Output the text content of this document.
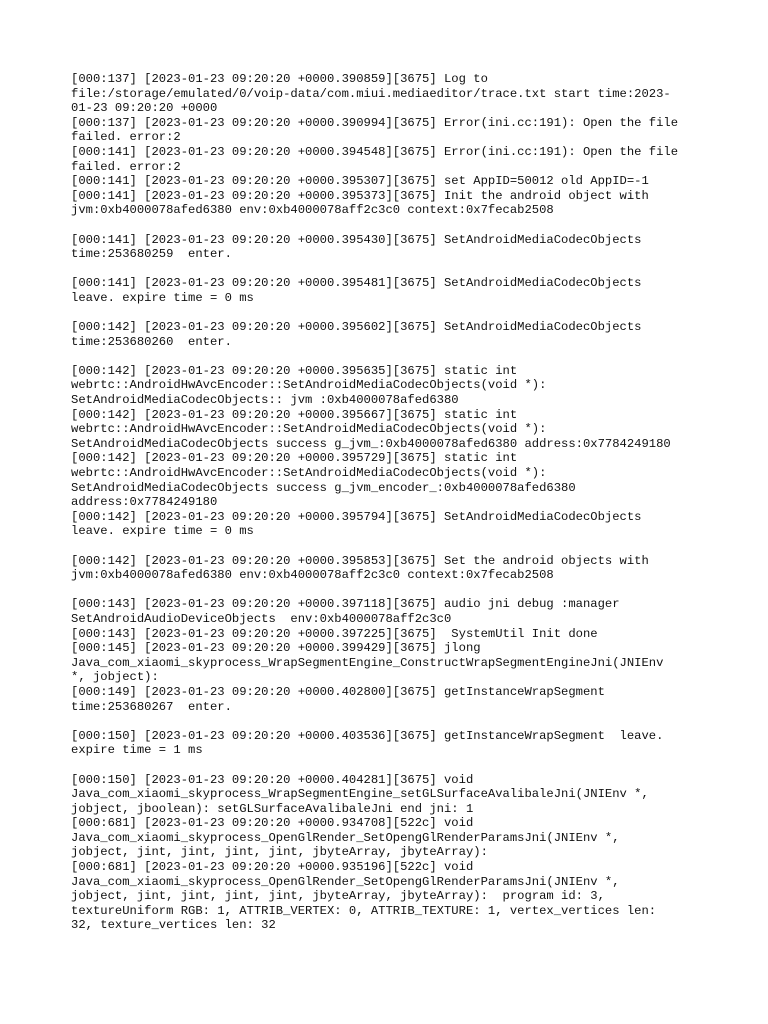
[000:137] [2023-01-23 09:20:20 +0000.390859][3675] Log to
file:/storage/emulated/0/voip-data/com.miui.mediaeditor/trace.txt start time:2023-
01-23 09:20:20 +0000
[000:137] [2023-01-23 09:20:20 +0000.390994][3675] Error(ini.cc:191): Open the file
failed. error:2
[000:141] [2023-01-23 09:20:20 +0000.394548][3675] Error(ini.cc:191): Open the file
failed. error:2
[000:141] [2023-01-23 09:20:20 +0000.395307][3675] set AppID=50012 old AppID=-1
[000:141] [2023-01-23 09:20:20 +0000.395373][3675] Init the android object with
jvm:0xb4000078afed6380 env:0xb4000078aff2c3c0 context:0x7fecab2508
[000:141] [2023-01-23 09:20:20 +0000.395430][3675] SetAndroidMediaCodecObjects
time:253680259  enter.
[000:141] [2023-01-23 09:20:20 +0000.395481][3675] SetAndroidMediaCodecObjects
leave. expire time = 0 ms
[000:142] [2023-01-23 09:20:20 +0000.395602][3675] SetAndroidMediaCodecObjects
time:253680260  enter.
[000:142] [2023-01-23 09:20:20 +0000.395635][3675] static int
webrtc::AndroidHwAvcEncoder::SetAndroidMediaCodecObjects(void *):
SetAndroidMediaCodecObjects:: jvm :0xb4000078afed6380
[000:142] [2023-01-23 09:20:20 +0000.395667][3675] static int
webrtc::AndroidHwAvcEncoder::SetAndroidMediaCodecObjects(void *):
SetAndroidMediaCodecObjects success g_jvm_:0xb4000078afed6380 address:0x7784249180
[000:142] [2023-01-23 09:20:20 +0000.395729][3675] static int
webrtc::AndroidHwAvcEncoder::SetAndroidMediaCodecObjects(void *):
SetAndroidMediaCodecObjects success g_jvm_encoder_:0xb4000078afed6380
address:0x7784249180
[000:142] [2023-01-23 09:20:20 +0000.395794][3675] SetAndroidMediaCodecObjects
leave. expire time = 0 ms
[000:142] [2023-01-23 09:20:20 +0000.395853][3675] Set the android objects with
jvm:0xb4000078afed6380 env:0xb4000078aff2c3c0 context:0x7fecab2508
[000:143] [2023-01-23 09:20:20 +0000.397118][3675] audio jni debug :manager
SetAndroidAudioDeviceObjects  env:0xb4000078aff2c3c0
[000:143] [2023-01-23 09:20:20 +0000.397225][3675]  SystemUtil Init done
[000:145] [2023-01-23 09:20:20 +0000.399429][3675] jlong
Java_com_xiaomi_skyprocess_WrapSegmentEngine_ConstructWrapSegmentEngineJni(JNIEnv
*, jobject):
[000:149] [2023-01-23 09:20:20 +0000.402800][3675] getInstanceWrapSegment
time:253680267  enter.
[000:150] [2023-01-23 09:20:20 +0000.403536][3675] getInstanceWrapSegment  leave.
expire time = 1 ms
[000:150] [2023-01-23 09:20:20 +0000.404281][3675] void
Java_com_xiaomi_skyprocess_WrapSegmentEngine_setGLSurfaceAvalibaleJni(JNIEnv *,
jobject, jboolean): setGLSurfaceAvalibaleJni end jni: 1
[000:681] [2023-01-23 09:20:20 +0000.934708][522c] void
Java_com_xiaomi_skyprocess_OpenGlRender_SetOpengGlRenderParamsJni(JNIEnv *,
jobject, jint, jint, jint, jint, jbyteArray, jbyteArray):
[000:681] [2023-01-23 09:20:20 +0000.935196][522c] void
Java_com_xiaomi_skyprocess_OpenGlRender_SetOpengGlRenderParamsJni(JNIEnv *,
jobject, jint, jint, jint, jint, jbyteArray, jbyteArray):  program id: 3,
textureUniform RGB: 1, ATTRIB_VERTEX: 0, ATTRIB_TEXTURE: 1, vertex_vertices len:
32, texture_vertices len: 32
